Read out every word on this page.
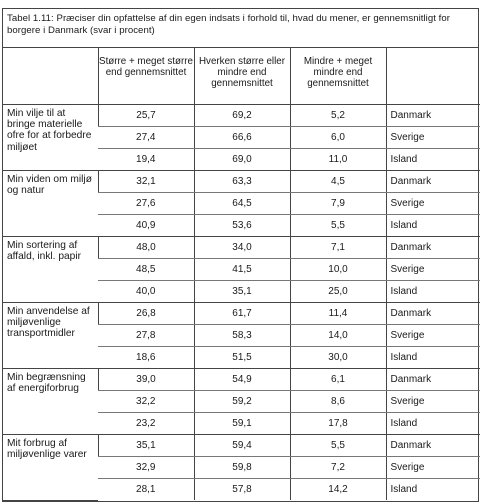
Tabel 1.11: Præciser din opfattelse af din egen indsats i forhold til, hvad du mener, er gennemsnitligt for borgere i Danmark (svar i procent)
	Større + meget større end gennemsnittet	Hverken større eller mindre end gennemsnittet	Mindre + meget mindre end gennemsnittet	
Min vilje til at bringe materielle ofre for at forbedre miljøet	25,7	69,2	5,2	Danmark
	27,4	66,6	6,0	Sverige
	19,4	69,0	11,0	Island
Min viden om miljø og natur	32,1	63,3	4,5	Danmark
	27,6	64,5	7,9	Sverige
	40,9	53,6	5,5	Island
Min sortering af affald, inkl. papir	48,0	34,0	7,1	Danmark
	48,5	41,5	10,0	Sverige
	40,0	35,1	25,0	Island
Min anvendelse af miljøvenlige transportmidler	26,8	61,7	11,4	Danmark
	27,8	58,3	14,0	Sverige
	18,6	51,5	30,0	Island
Min begrænsning af energiforbrug	39,0	54,9	6,1	Danmark
	32,2	59,2	8,6	Sverige
	23,2	59,1	17,8	Island
Mit forbrug af miljøvenlige varer	35,1	59,4	5,5	Danmark
	32,9	59,8	7,2	Sverige
	28,1	57,8	14,2	Island
